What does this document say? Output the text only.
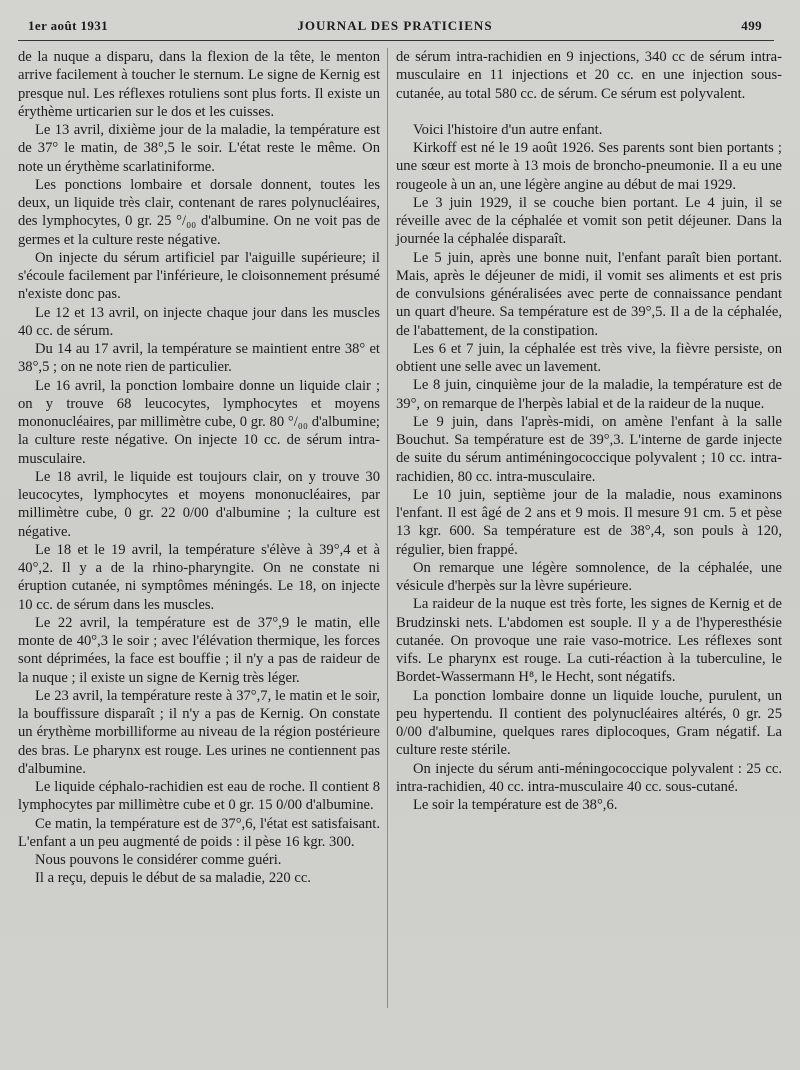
1er août 1931	JOURNAL DES PRATICIENS	499

de la nuque a disparu, dans la flexion de la tête, le menton arrive facilement à toucher le sternum. Le signe de Kernig est presque nul. Les réflexes rotuliens sont plus forts. Il existe un érythème urticarien sur le dos et les cuisses.

Le 13 avril, dixième jour de la maladie, la température est de 37° le matin, de 38°,5 le soir. L'état reste le même. On note un érythème scarlatiniforme.

Les ponctions lombaire et dorsale donnent, toutes les deux, un liquide très clair, contenant de rares polynucléaires, des lymphocytes, 0 gr. 25 °/₀₀ d'albumine. On ne voit pas de germes et la culture reste négative.

On injecte du sérum artificiel par l'aiguille supérieure; il s'écoule facilement par l'inférieure, le cloisonnement présumé n'existe donc pas.

Le 12 et 13 avril, on injecte chaque jour dans les muscles 40 cc. de sérum.

Du 14 au 17 avril, la température se maintient entre 38° et 38°,5 ; on ne note rien de particulier.

Le 16 avril, la ponction lombaire donne un liquide clair ; on y trouve 68 leucocytes, lymphocytes et moyens mononucléaires, par millimètre cube, 0 gr. 80 °/₀₀ d'albumine; la culture reste négative. On injecte 10 cc. de sérum intra-musculaire.

Le 18 avril, le liquide est toujours clair, on y trouve 30 leucocytes, lymphocytes et moyens mononucléaires, par millimètre cube, 0 gr. 22 0/00 d'albumine ; la culture est négative.

Le 18 et le 19 avril, la température s'élève à 39°,4 et à 40°,2. Il y a de la rhino-pharyngite. On ne constate ni éruption cutanée, ni symptômes méningés. Le 18, on injecte 10 cc. de sérum dans les muscles.

Le 22 avril, la température est de 37°,9 le matin, elle monte de 40°,3 le soir ; avec l'élévation thermique, les forces sont déprimées, la face est bouffie ; il n'y a pas de raideur de la nuque ; il existe un signe de Kernig très léger.

Le 23 avril, la température reste à 37°,7, le matin et le soir, la bouffissure disparaît ; il n'y a pas de Kernig. On constate un érythème morbilliforme au niveau de la région postérieure des bras. Le pharynx est rouge. Les urines ne contiennent pas d'albumine.

Le liquide céphalo-rachidien est eau de roche. Il contient 8 lymphocytes par millimètre cube et 0 gr. 15 0/00 d'albumine.

Ce matin, la température est de 37°,6, l'état est satisfaisant. L'enfant a un peu augmenté de poids : il pèse 16 kgr. 300.

Nous pouvons le considérer comme guéri.

Il a reçu, depuis le début de sa maladie, 220 cc.

de sérum intra-rachidien en 9 injections, 340 cc de sérum intra-musculaire en 11 injections et 20 cc. en une injection sous-cutanée, au total 580 cc. de sérum. Ce sérum est polyvalent.

Voici l'histoire d'un autre enfant.

Kirkoff est né le 19 août 1926. Ses parents sont bien portants ; une sœur est morte à 13 mois de broncho-pneumonie. Il a eu une rougeole à un an, une légère angine au début de mai 1929.

Le 3 juin 1929, il se couche bien portant. Le 4 juin, il se réveille avec de la céphalée et vomit son petit déjeuner. Dans la journée la céphalée disparaît.

Le 5 juin, après une bonne nuit, l'enfant paraît bien portant. Mais, après le déjeuner de midi, il vomit ses aliments et est pris de convulsions généralisées avec perte de connaissance pendant un quart d'heure. Sa température est de 39°,5. Il a de la céphalée, de l'abattement, de la constipation.

Les 6 et 7 juin, la céphalée est très vive, la fièvre persiste, on obtient une selle avec un lavement.

Le 8 juin, cinquième jour de la maladie, la température est de 39°, on remarque de l'herpès labial et de la raideur de la nuque.

Le 9 juin, dans l'après-midi, on amène l'enfant à la salle Bouchut. Sa température est de 39°,3. L'interne de garde injecte de suite du sérum antiméningococcique polyvalent ; 10 cc. intra-rachidien, 80 cc. intra-musculaire.

Le 10 juin, septième jour de la maladie, nous examinons l'enfant. Il est âgé de 2 ans et 9 mois. Il mesure 91 cm. 5 et pèse 13 kgr. 600. Sa température est de 38°,4, son pouls à 120, régulier, bien frappé.

On remarque une légère somnolence, de la céphalée, une vésicule d'herpès sur la lèvre supérieure.

La raideur de la nuque est très forte, les signes de Kernig et de Brudzinski nets. L'abdomen est souple. Il y a de l'hyperesthésie cutanée. On provoque une raie vaso-motrice. Les réflexes sont vifs. Le pharynx est rouge. La cuti-réaction à la tuberculine, le Bordet-Wassermann H⁸, le Hecht, sont négatifs.

La ponction lombaire donne un liquide louche, purulent, un peu hypertendu. Il contient des polynucléaires altérés, 0 gr. 25 0/00 d'albumine, quelques rares diplocoques, Gram négatif. La culture reste stérile.

On injecte du sérum anti-méningococcique polyvalent : 25 cc. intra-rachidien, 40 cc. intra-musculaire 40 cc. sous-cutané.

Le soir la température est de 38°,6.
